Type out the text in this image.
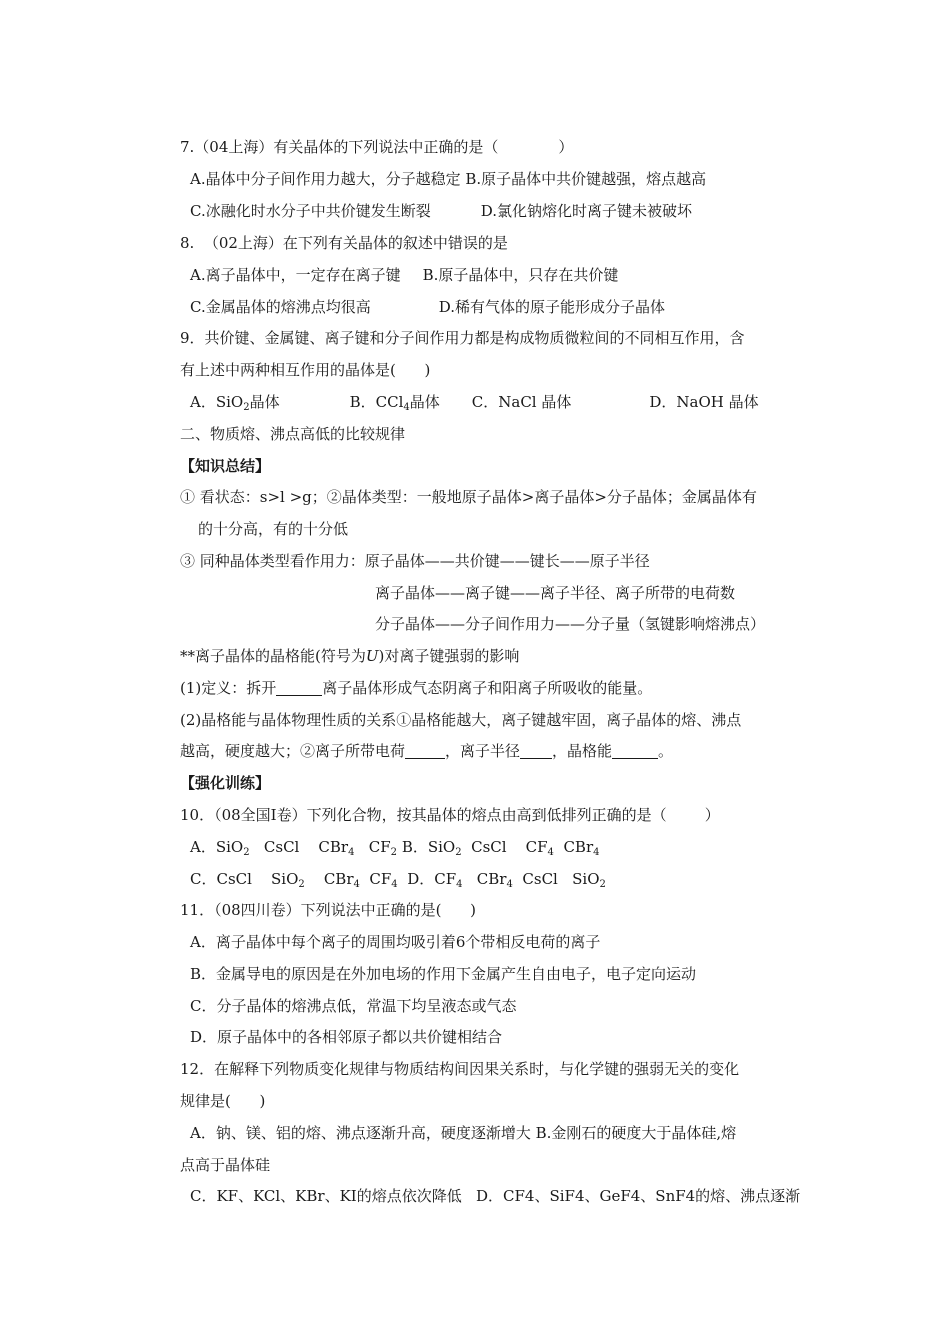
7.（04上海）有关晶体的下列说法中正确的是（	）
A.晶体中分子间作用力越大，分子越稳定 B.原子晶体中共价键越强，熔点越高
C.冰融化时水分子中共价键发生断裂	D.氯化钠熔化时离子键未被破坏
8.  （02上海）在下列有关晶体的叙述中错误的是
A.离子晶体中，一定存在离子键 B.原子晶体中，只存在共价键
C.金属晶体的熔沸点均很高	D.稀有气体的原子能形成分子晶体
9．共价键、金属键、离子键和分子间作用力都是构成物质微粒间的不同相互作用，含
有上述中两种相互作用的晶体是(      )
A．SiO$_2$晶体	B．CCl$_4$晶体 C．NaCl 晶体	D．NaOH 晶体
二、物质熔、沸点高低的比较规律
【知识总结】
① 看状态：s>l >g；②晶体类型：一般地原子晶体>离子晶体>分子晶体；金属晶体有
的十分高，有的十分低
③ 同种晶体类型看作用力：原子晶体——共价键——键长——原子半径
离子晶体——离子键——离子半径、离子所带的电荷数
分子晶体——分子间作用力——分子量（氢键影响熔沸点）
**离子晶体的晶格能(符号为U)对离子键强弱的影响
(1)定义：拆开	离子晶体形成气态阴离子和阳离子所吸收的能量。
(2)晶格能与晶体物理性质的关系①晶格能越大，离子键越牢固，离子晶体的熔、沸点
越高，硬度越大；②离子所带电荷	，离子半径 ，晶格能	。
【强化训练】
10．（08全国Ⅰ卷）下列化合物，按其晶体的熔点由高到低排列正确的是（        ）
A．SiO$_2$   CsCl    CBr$_4$   $CF_2$ B．SiO$_2$  CsCl    $CF_4$  CBr$_4$
C．CsCl    SiO$_2$    CBr$_4$  $CF_4$  D．$CF_4$   CBr$_4$  CsCl   SiO$_2$
11．（08四川卷）下列说法中正确的是(      )
A．离子晶体中每个离子的周围均吸引着6个带相反电荷的离子
B．金属导电的原因是在外加电场的作用下金属产生自由电子，电子定向运动
C．分子晶体的熔沸点低，常温下均呈液态或气态
D．原子晶体中的各相邻原子都以共价键相结合
12．在解释下列物质变化规律与物质结构间因果关系时，与化学键的强弱无关的变化
规律是(      )
A．钠、镁、铝的熔、沸点逐渐升高，硬度逐渐增大 B.金刚石的硬度大于晶体硅,熔
点高于晶体硅
C．KF、KCl、KBr、KI的熔点依次降低   D．CF4、SiF4、GeF4、SnF4的熔、沸点逐渐
